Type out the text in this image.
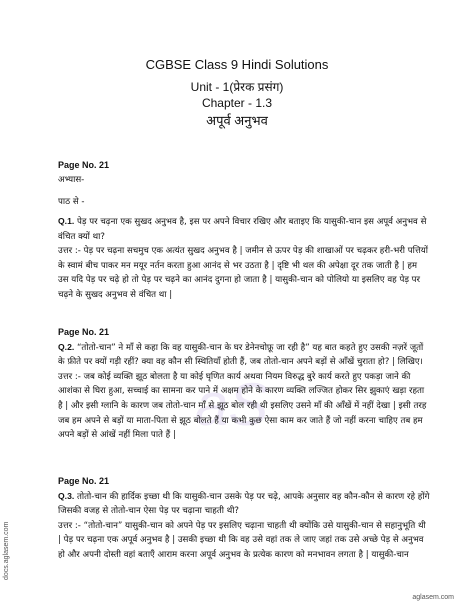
aS
CGBSE Class 9 Hindi Solutions
Unit - 1(प्रेरक प्रसंग)
Chapter - 1.3
अपूर्व अनुभव

Page No. 21

अभ्यास-

पाठ से -

Q.1. पेड़ पर चढ़ना एक सुखद अनुभव है, इस पर अपने विचार रखिए और बताइए कि यासुकी-चान इस अपूर्व अनुभव से वंचित क्यों था?

उत्तर :- पेड़ पर चढ़ना सचमुच एक अत्यंत सुखद अनुभव है | जमीन से ऊपर पेड़ की शाखाओं पर चढ़कर हरी-भरी पत्तियों के स्वामं बीच पाकर मन मयूर नर्तन करता हुआ आनंद से भर उठता है | दृष्टि भी थल की अपेक्षा दूर तक जाती है | हम उस यदि पेड़ पर चढ़े हो तो पेड़ पर चढ़ने का आनंद दुगना हो जाता है | यासुकी-चान को पोलियो या इसलिए वह पेड़ पर चढ़ने के सुखद अनुभव से वंचित था |

Page No. 21

Q.2. “तोतो-चान” ने माँ से कहा कि वह यासुकी-चान के घर डेनेनचोफ़ू जा रही है” यह बात कहते हुए उसकी नज़रें जूतों के फ़ीते पर क्यों गड़ी रहीं? क्या वह कौन सी स्थितियाँ होती हैं, जब तोतो-चान अपने बड़ों से आँखें चुराता हो? | लिखिए।

उत्तर :- जब कोई व्यक्ति झूठ बोलता है या कोई घृणित कार्य अथवा नियम विरुद्ध बुरे कार्य करते हुए पकड़ा जाने की आशंका से घिरा हुआ, सच्चाई का सामना कर पाने में अक्षम होने के कारण व्यक्ति लज्जित होकर सिर झुकाएं खड़ा रहता है | और इसी ग्लानि के कारण जब तोतो-चान माँ से झूठ बोल रही थी इसलिए उसने माँ की आँखें में नहीं देखा | इसी तरह जब हम अपने से बड़ों या माता-पिता से झूठ बोलते हैं या कभी कुछ ऐसा काम कर जाते हैं जो नहीं करना चाहिए तब हम अपने बड़ों से आंखें नहीं मिला पाते हैं |

Page No. 21

Q.3. तोतो-चान की हार्दिक इच्छा थी कि यासुकी-चान उसके पेड़ पर चढ़े, आपके अनुसार वह कौन-कौन से कारण रहे होंगे जिसकी वजह से तोतो-चान ऐसा पेड़ पर चढ़ाना चाहती थी?

उत्तर :- “तोतो-चान” यासुकी-चान को अपने पेड़ पर इसलिए चढ़ाना चाहती थी क्योंकि उसे यासुकी-चान से सहानुभूति थी | पेड़ पर चढ़ना एक अपूर्व अनुभव है | उसकी इच्छा थी कि वह उसे वहां तक ले जाए जहां तक उसे अच्छे पेड़ से अनुभव हो और अपनी दोस्ती वहां बताएँ आराम करना अपूर्व अनुभव के प्रत्येक कारण को मनभावन लगता है | यासुकी-चान

docs.aglasem.com
aglasem.com
